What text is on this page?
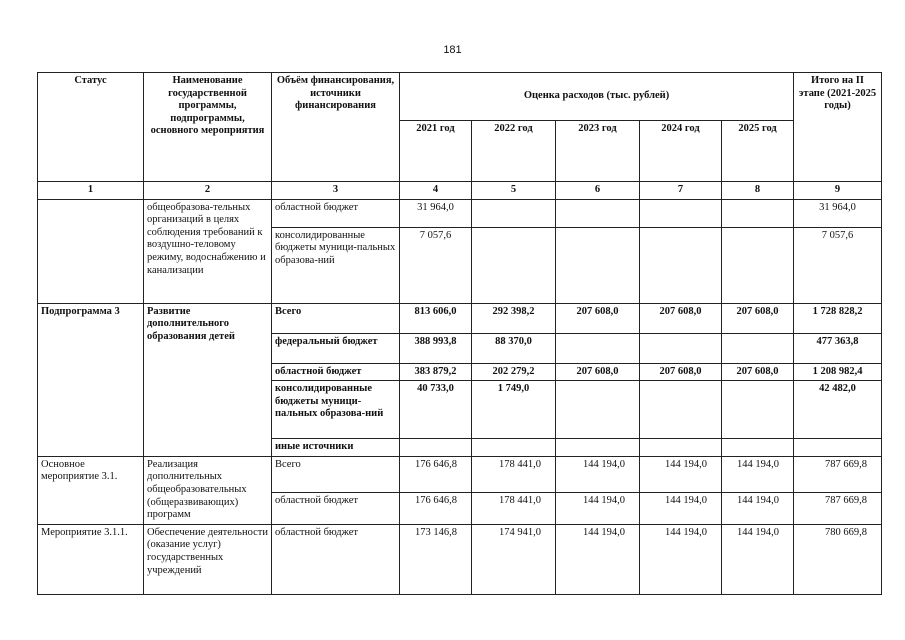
181
Статус	Наименование государственной программы, подпрограммы, основного мероприятия	Объём финансирования, источники финансирования	Оценка расходов (тыс. рублей)					Итого на II этапе (2021-2025 годы)
			2021 год	2022 год	2023 год	2024 год	2025 год	
1	2	3	4	5	6	7	8	9
	общеобразова-тельных организаций в целях соблюдения требований к воздушно-теловому режиму, водоснабжению и канализации	областной бюджет	31 964,0					31 964,0
		консолидированные бюджеты муници-пальных образова-ний	7 057,6					7 057,6
Подпрограмма 3	Развитие дополнительного образования детей	Всего	813 606,0	292 398,2	207 608,0	207 608,0	207 608,0	1 728 828,2
		федеральный бюджет	388 993,8	88 370,0				477 363,8
		областной бюджет	383 879,2	202 279,2	207 608,0	207 608,0	207 608,0	1 208 982,4
		консолидированные бюджеты муници-пальных образова-ний	40 733,0	1 749,0				42 482,0
		иные источники						
Основное мероприятие 3.1.	Реализация дополнительных общеобразовательных (общеразвивающих) программ	Всего	176 646,8	178 441,0	144 194,0	144 194,0	144 194,0	787 669,8
		областной бюджет	176 646,8	178 441,0	144 194,0	144 194,0	144 194,0	787 669,8
Мероприятие 3.1.1.	Обеспечение деятельности (оказание услуг) государственных учреждений	областной бюджет	173 146,8	174 941,0	144 194,0	144 194,0	144 194,0	780 669,8
